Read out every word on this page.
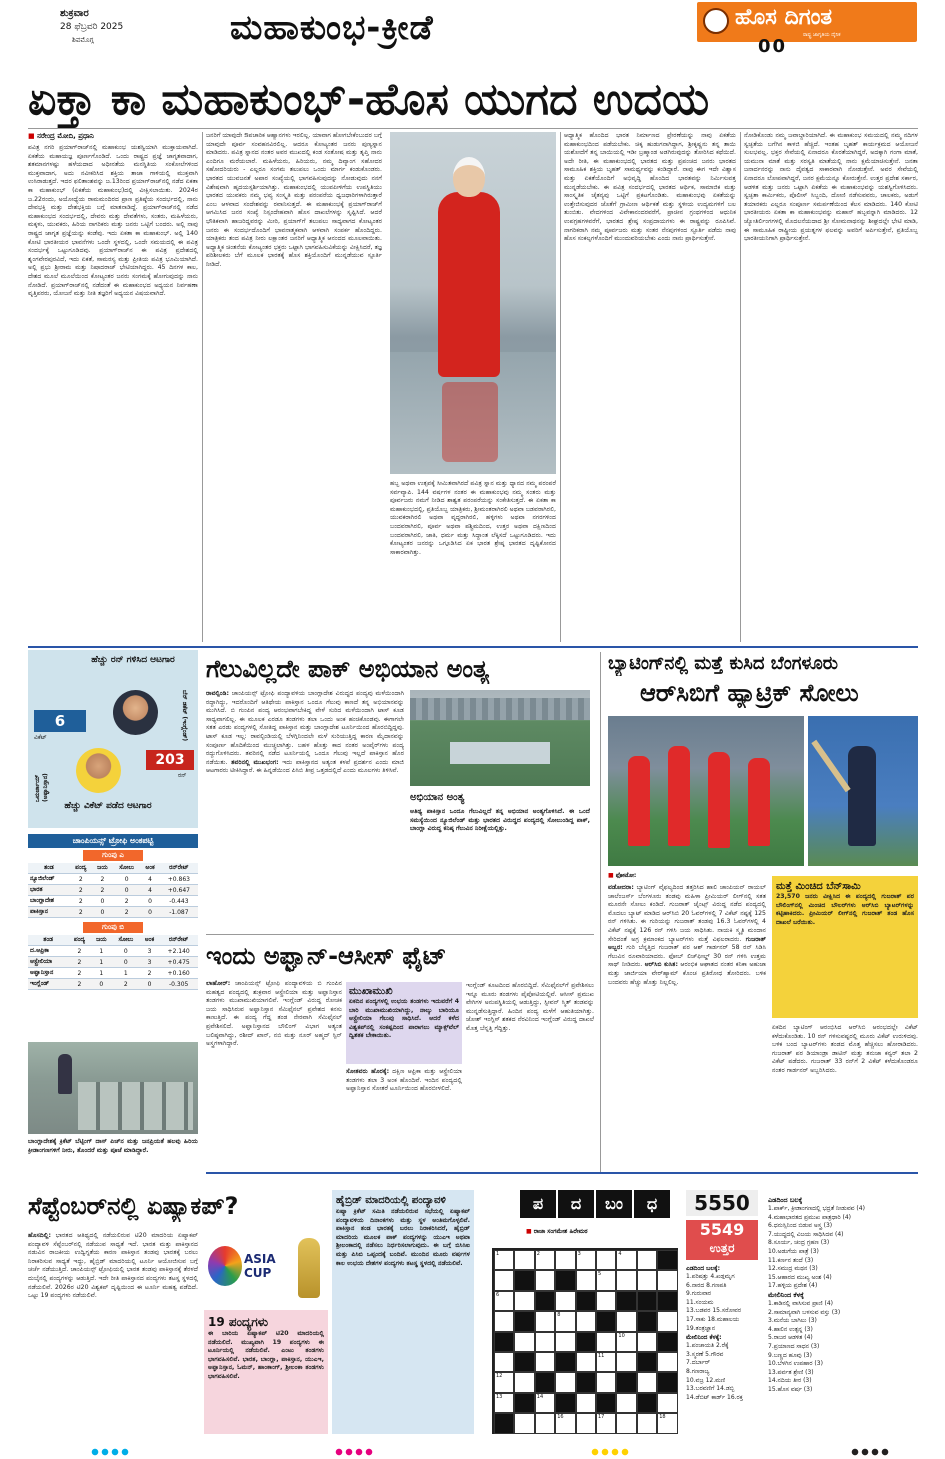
ಶುಕ್ರವಾರ
28 ಫೆಬ್ರವರಿ 2025
ಶಿವಮೊಗ್ಗ	ಮಹಾಕುಂಭ-ಕ್ರೀಡೆ	ಹೊಸ ದಿಗಂತ
ರಾಷ್ಟ್ರ ಜಾಗೃತಿಯ ದೈನಿಕ
00
ಏಕ್ತಾ ಕಾ ಮಹಾಕುಂಭ್-ಹೊಸ ಯುಗದ ಉದಯ
■ ನರೇಂದ್ರ ಮೋದಿ, ಪ್ರಧಾನಿ
ಪವಿತ್ರ ನಗರಿ ಪ್ರಯಾಗ್‌ರಾಜ್‌ನಲ್ಲಿ ಮಹಾಕುಂಭ ಯಶಸ್ವಿಯಾಗಿ ಮುಕ್ತಾಯವಾಗಿದೆ. ಏಕತೆಯ ಮಹಾಯಜ್ಞ ಪೂರ್ಣಗೊಂಡಿದೆ. ಒಂದು ರಾಷ್ಟ್ರದ ಪ್ರಜ್ಞೆ ಜಾಗೃತವಾದಾಗ, ಶತಮಾನಗಳಷ್ಟು ಹಳೆಯದಾದ ಅಧೀನತೆಯ ಮನಸ್ಥಿತಿಯ ಸಂಕೋಲೆಗಳಿಂದ ಮುಕ್ತವಾದಾಗ, ಅದು ನವೀಕರಿಸಿದ ಶಕ್ತಿಯ ತಾಜಾ ಗಾಳಿಯಲ್ಲಿ ಮುಕ್ತವಾಗಿ ಉಸಿರಾಡುತ್ತದೆ. ಇದರ ಫಲಿತಾಂಶವನ್ನು ಜ.13ರಿಂದ ಪ್ರಯಾಗ್‌ರಾಜ್‌ನಲ್ಲಿ ನಡೆದ ಏಕತಾ ಕಾ ಮಹಾಕುಂಭ್‌ (ಏಕತೆಯ ಮಹಾಕುಂಭ)ದಲ್ಲಿ ವೀಕ್ಷಿಸಲಾಯಿತು. 2024ರ ಜ.22ರಂದು, ಅಯೋಧ್ಯೆಯ ರಾಮಮಂದಿರದ ಪ್ರಾಣ ಪ್ರತಿಷ್ಠೆಯ ಸಂದರ್ಭದಲ್ಲಿ, ನಾನು ದೇವಭಕ್ತಿ ಮತ್ತು ದೇಶಭಕ್ತಿಯ ಬಗ್ಗೆ ಮಾತನಾಡಿದ್ದೆ. ಪ್ರಯಾಗ್‌ರಾಜ್‌ನಲ್ಲಿ ನಡೆದ ಮಹಾಕುಂಭದ ಸಂದರ್ಭದಲ್ಲಿ, ದೇವರು ಮತ್ತು ದೇವತೆಗಳು, ಸಂತರು, ಮಹಿಳೆಯರು, ಮಕ್ಕಳು, ಯುವಕರು, ಹಿರಿಯ ನಾಗರಿಕರು ಮತ್ತು ಜನರು ಒಟ್ಟಿಗೆ ಬಂದರು. ಅಲ್ಲಿ ನಾವು ರಾಷ್ಟ್ರದ ಜಾಗೃತ ಪ್ರಜ್ಞೆಯನ್ನು ಕಂಡೆವು. ಇದು ಏಕತಾ ಕಾ ಮಹಾಕುಂಭ್‌. ಅಲ್ಲಿ 140 ಕೋಟಿ ಭಾರತೀಯರ ಭಾವನೆಗಳು ಒಂದೇ ಸ್ಥಳದಲ್ಲಿ, ಒಂದೇ ಸಮಯದಲ್ಲಿ ಈ ಪವಿತ್ರ ಸಂದರ್ಭಕ್ಕೆ ಒಟ್ಟುಗೂಡಿದವು. ಪ್ರಯಾಗ್‌ರಾಜ್‌ನ ಈ ಪವಿತ್ರ ಪ್ರದೇಶದಲ್ಲಿ ಶೃಂಗವೇರಪುರವಿದೆ, ಇದು ಏಕತೆ, ಸಾಮರಸ್ಯ ಮತ್ತು ಪ್ರೀತಿಯ ಪವಿತ್ರ ಭೂಮಿಯಾಗಿದೆ. ಅಲ್ಲಿ ಪ್ರಭು ಶ್ರೀರಾಮ ಮತ್ತು ನಿಷಾದರಾಜ್ ಭೇಟಿಯಾಗಿದ್ದರು. 45 ದಿನಗಳ ಕಾಲ, ದೇಶದ ಮೂಲೆ ಮೂಲೆಯಿಂದ ಕೋಟ್ಯಂತರ ಜನರು ಸಂಗಮಕ್ಕೆ ಹೋಗುವುದನ್ನು ನಾನು ನೋಡಿದೆ. ಪ್ರಯಾಗ್‌ರಾಜ್‌ನಲ್ಲಿ ನಡೆದಂತೆ ಈ ಮಹಾಕುಂಭದ ಅಧ್ಯಯನ ನಿರ್ವಹಣಾ ವೃತ್ತಿಪರರು, ಯೋಜನೆ ಮತ್ತು ನೀತಿ ತಜ್ಞರಿಗೆ ಅಧ್ಯಯನ ವಿಷಯವಾಗಿದೆ.
ಜನರಿಗೆ ಯಾವುದೇ ಔಪಚಾರಿಕ ಆಹ್ವಾನಗಳು ಇರಲಿಲ್ಲ. ಯಾವಾಗ ಹೋಗಬೇಕೆಂಬುದರ ಬಗ್ಗೆ ಯಾವುದೇ ಪೂರ್ವ ಸಂವಹನವಿರಲಿಲ್ಲ. ಆದರೂ ಕೋಟ್ಯಂತರ ಜನರು ಪುಣ್ಯಸ್ನಾನ ಮಾಡಿದರು. ಪವಿತ್ರ ಸ್ನಾನದ ನಂತರ ಅವರ ಮುಖದಲ್ಲಿ ಕಂಡ ಸಂತೋಷ ಮತ್ತು ತೃಪ್ತಿ ನಾನು ಎಂದಿಗೂ ಮರೆಯಲಾರೆ. ಮಹಿಳೆಯರು, ಹಿರಿಯರು, ನಮ್ಮ ದಿವ್ಯಾಂಗ ಸಹೋದರ ಸಹೋದರಿಯರು - ಎಲ್ಲರೂ ಸಂಗಮ ತಲುಪಲು ಒಂದು ಮಾರ್ಗ ಕಂಡುಕೊಂಡರು. ಭಾರತದ ಯುವಜನತೆ ಅಪಾರ ಸಂಖ್ಯೆಯಲ್ಲಿ ಭಾಗವಹಿಸುವುದನ್ನು ನೋಡುವುದು ನನಗೆ ವಿಶೇಷವಾಗಿ ಹೃದಯಸ್ಪರ್ಶಿಯಾಗಿತ್ತು. ಮಹಾಕುಂಭದಲ್ಲಿ ಯುವಪೀಳಿಗೆಯ ಉಪಸ್ಥಿತಿಯು ಭಾರತದ ಯುವಕರು ನಮ್ಮ ಭವ್ಯ ಸಂಸ್ಕೃತಿ ಮತ್ತು ಪರಂಪರೆಯ ಧ್ವಜಧಾರಿಗಳಾಗಿರುತ್ತಾರೆ ಎಂಬ ಆಳವಾದ ಸಂದೇಶವನ್ನು ರವಾನಿಸುತ್ತದೆ. ಈ ಮಹಾಕುಂಭಕ್ಕೆ ಪ್ರಯಾಗ್‌ರಾಜ್‌ಗೆ ಆಗಮಿಸಿದ ಜನರ ಸಂಖ್ಯೆ ನಿಸ್ಸಂದೇಹವಾಗಿ ಹೊಸ ದಾಖಲೆಗಳನ್ನು ಸೃಷ್ಟಿಸಿದೆ. ಆದರೆ ಭೌತಿಕವಾಗಿ ಹಾಜರಿದ್ದವರನ್ನು ಮೀರಿ, ಪ್ರಯಾಗ್‌ಗೆ ತಲುಪಲು ಸಾಧ್ಯವಾಗದ ಕೋಟ್ಯಂತರ ಜನರು ಈ ಸಂದರ್ಭದೊಂದಿಗೆ ಭಾವನಾತ್ಮಕವಾಗಿ ಆಳವಾಗಿ ಸಂಪರ್ಕ ಹೊಂದಿದ್ದರು. ಯಾತ್ರಿಕರು ತಂದ ಪವಿತ್ರ ನೀರು ಲಕ್ಷಾಂತರ ಜನರಿಗೆ ಆಧ್ಯಾತ್ಮಿಕ ಆನಂದದ ಮೂಲವಾಯಿತು. ಅಧ್ಯಾತ್ಮಿಕ ಚಿಂತನೆಯ ಕೋಟ್ಯಂತರ ಭಕ್ತರು ಒಟ್ಟಾಗಿ ಭಾಗವಹಿಸುವಿಕೆಯನ್ನು ವೀಕ್ಷಿಸಿದರೆ, ತಜ್ಞ ಪರಿಶೀಲಕರು ಬೆಗೆ ಮೂಲಕ ಭಾರತಕ್ಕೆ ಹೊಸ ಶಕ್ತಿಯೊಂದಿಗೆ ಮುನ್ನಡೆಯುವ ಸ್ಪೂರ್ತಿ ನೀಡಿದೆ.
ಹಬ್ಬ ಅಥವಾ ಉತ್ಸವಕ್ಕೆ ಸೀಮಿತವಾಗಿರದೆ ಪವಿತ್ರ ಸ್ನಾನ ಮತ್ತು ಧ್ಯಾನದ ನಮ್ಮ ಪರಂಪರೆ ಸರ್ವವ್ಯಾಪಿ. 144 ವರ್ಷಗಳ ನಂತರ ಈ ಮಹಾಕುಂಭವು ನಮ್ಮ ಸಂತರು ಮತ್ತು ಪೂರ್ವಜರು ನಮಗೆ ನೀಡಿದ ಶಾಶ್ವತ ಪರಂಪರೆಯನ್ನು ಸಂಕೇತಿಸುತ್ತದೆ. ಈ ಏಕತಾ ಕಾ ಮಹಾಕುಂಭದಲ್ಲಿ, ಪ್ರತಿಯೊಬ್ಬ ಯಾತ್ರಿಕರು, ಶ್ರೀಮಂತರಾಗಿರಲಿ ಅಥವಾ ಬಡವರಾಗಿರಲಿ, ಯುವಕರಾಗಿರಲಿ ಅಥವಾ ವೃದ್ಧರಾಗಿರಲಿ, ಹಳ್ಳಿಗಳು ಅಥವಾ ನಗರಗಳಿಂದ ಬಂದವರಾಗಿರಲಿ, ಪೂರ್ವ ಅಥವಾ ಪಶ್ಚಿಮದಿಂದ, ಉತ್ತರ ಅಥವಾ ದಕ್ಷಿಣದಿಂದ ಬಂದವರಾಗಿರಲಿ, ಜಾತಿ, ಧರ್ಮ ಮತ್ತು ಸಿದ್ಧಾಂತ ಲೆಕ್ಕಿಸದೆ ಒಟ್ಟುಗೂಡಿದರು. ಇದು ಕೋಟ್ಯಂತರ ಜನರನ್ನು ಒಗ್ಗೂಡಿಸಿದ ಏಕ ಭಾರತ ಶ್ರೇಷ್ಠ ಭಾರತದ ದೃಷ್ಟಿಕೋನದ ಸಾಕಾರವಾಗಿತ್ತು.
ಆಧ್ಯಾತ್ಮಿಕ ಹೊಂದಿದ ಭಾರತ ನಿರ್ಮಾಣದ ಪ್ರೇರಣೆಯನ್ನು ನಾವು ಏಕತೆಯ ಮಹಾಕುಂಭದಿಂದ ಪಡೆಯಬೇಕು. ಚಿಕ್ಕ ಹುಡುಗನಾಗಿದ್ದಾಗ, ಶ್ರೀಕೃಷ್ಣನು ತನ್ನ ತಾಯಿ ಯಶೋದೆಗೆ ತನ್ನ ಬಾಯಿಯಲ್ಲಿ ಇಡೀ ಬ್ರಹ್ಮಾಂಡ ಅಡಗಿರುವುದನ್ನು ತೋರಿಸಿದ ಕಥೆಯಿದೆ. ಅದೇ ರೀತಿ, ಈ ಮಹಾಕುಂಭದಲ್ಲಿ ಭಾರತದ ಮತ್ತು ಪ್ರಪಂಚದ ಜನರು ಭಾರತದ ಸಾಮೂಹಿಕ ಶಕ್ತಿಯ ಬೃಹತ್ ಸಾಮರ್ಥ್ಯವನ್ನು ಕಂಡಿದ್ದಾರೆ. ನಾವು ಈಗ ಇದೇ ವಿಶ್ವಾಸ ಮತ್ತು ಏಕತೆಯೊಂದಿಗೆ ಅಭಿವೃದ್ಧಿ ಹೊಂದಿದ ಭಾರತವನ್ನು ನಿರ್ಮಿಸುವತ್ತ ಮುನ್ನಡೆಯಬೇಕು. ಈ ಪವಿತ್ರ ಸಂದರ್ಭದಲ್ಲಿ ಭಾರತದ ಆರ್ಥಿಕ, ಸಾಮಾಜಿಕ ಮತ್ತು ಸಾಂಸ್ಕೃತಿಕ ಚೈತನ್ಯವು ಒಟ್ಟಿಗೆ ಪ್ರಕಟಗೊಂಡಿತು. ಮಹಾಕುಂಭವು ಏಕತೆಯನ್ನು ಉತ್ತೇಜಿಸುವುದರ ಜೊತೆಗೆ ಗ್ರಾಮೀಣ ಆರ್ಥಿಕತೆ ಮತ್ತು ಸ್ಥಳೀಯ ಉದ್ಯಮಗಳಿಗೆ ಬಲ ತುಂಬಿತು. ವೇದಗಳಿಂದ ವಿವೇಕಾನಂದರವರೆಗೆ, ಪ್ರಾಚೀನ ಗ್ರಂಥಗಳಿಂದ ಆಧುನಿಕ ಉಪಗ್ರಹಗಳವರೆಗೆ, ಭಾರತದ ಶ್ರೇಷ್ಠ ಸಂಪ್ರದಾಯಗಳು ಈ ರಾಷ್ಟ್ರವನ್ನು ರೂಪಿಸಿವೆ. ನಾಗರಿಕರಾಗಿ ನಮ್ಮ ಪೂರ್ವಜರು ಮತ್ತು ಸಂತರ ನೆನಪುಗಳಿಂದ ಸ್ಫೂರ್ತಿ ಪಡೆದು ನಾವು ಹೊಸ ಸಂಕಲ್ಪಗಳೊಂದಿಗೆ ಮುಂದುವರಿಯಬೇಕು ಎಂದು ನಾನು ಪ್ರಾರ್ಥಿಸುತ್ತೇನೆ.
ನೋಡಿಕೊಂಡು ನಮ್ಮ ಜವಾಬ್ದಾರಿಯಾಗಿದೆ. ಈ ಮಹಾಕುಂಭ ಸಮಯದಲ್ಲಿ ನಮ್ಮ ನದಿಗಳ ಸ್ವಚ್ಛತೆಯ ಬಗೆಗಿನ ಕಾಳಜಿ ಹೆಚ್ಚಿದೆ. ಇಂತಹ ಬೃಹತ್ ಕಾರ್ಯಕ್ರಮದ ಆಯೋಜನೆ ಸುಲಭವಲ್ಲ. ಭಕ್ತರ ಸೇವೆಯಲ್ಲಿ ಏನಾದರೂ ಕೊರತೆಯಾಗಿದ್ದರೆ, ಅದಕ್ಕಾಗಿ ಗಂಗಾ ಮಾತೆ, ಯಮುನಾ ಮಾತೆ ಮತ್ತು ಸರಸ್ವತಿ ಮಾತೆಯಲ್ಲಿ ನಾನು ಕ್ಷಮೆಯಾಚಿಸುತ್ತೇನೆ. ಜನತಾ ಜನಾರ್ದನರನ್ನು ನಾನು ದೈವತ್ವದ ಸಾಕಾರವಾಗಿ ನೋಡುತ್ತೇನೆ. ಅವರ ಸೇವೆಯಲ್ಲಿ ಏನಾದರೂ ಲೋಪವಾಗಿದ್ದರೆ, ಜನರ ಕ್ಷಮೆಯನ್ನೂ ಕೋರುತ್ತೇನೆ. ಉತ್ತರ ಪ್ರದೇಶ ಸರ್ಕಾರ, ಆಡಳಿತ ಮತ್ತು ಜನರು ಒಟ್ಟಾಗಿ ಏಕತೆಯ ಈ ಮಹಾಕುಂಭವನ್ನು ಯಶಸ್ವಿಗೊಳಿಸಿದರು. ಸ್ವಚ್ಛತಾ ಕಾರ್ಮಿಕರು, ಪೊಲೀಸ್ ಸಿಬ್ಬಂದಿ, ದೋಣಿ ನಡೆಸುವವರು, ಚಾಲಕರು, ಅಡುಗೆ ತಯಾರಕರು ಎಲ್ಲರೂ ಸಂಪೂರ್ಣ ಸಮರ್ಪಣೆಯಿಂದ ಕೆಲಸ ಮಾಡಿದರು. 140 ಕೋಟಿ ಭಾರತೀಯರು ಏಕತಾ ಕಾ ಮಹಾಕುಂಭವನ್ನು ಮಹಾನ್ ಹಬ್ಬವನ್ನಾಗಿ ಮಾಡಿದರು. 12 ಜ್ಯೋತಿರ್ಲಿಂಗಗಳಲ್ಲಿ ಮೊದಲನೆಯದಾದ ಶ್ರೀ ಸೋಮನಾಥನನ್ನು ಶೀಘ್ರದಲ್ಲೇ ಭೇಟಿ ಮಾಡಿ, ಈ ಸಾಮೂಹಿಕ ರಾಷ್ಟ್ರೀಯ ಪ್ರಯತ್ನಗಳ ಫಲವನ್ನು ಅವರಿಗೆ ಅರ್ಪಿಸುತ್ತೇನೆ, ಪ್ರತಿಯೊಬ್ಬ ಭಾರತೀಯನಿಗಾಗಿ ಪ್ರಾರ್ಥಿಸುತ್ತೇನೆ.
ಹೆಚ್ಚು ರನ್ ಗಳಿಸಿದ ಆಟಗಾರ
ಬೆನ್ ಡಕೆಟ್ (ಇಂಗ್ಲೆಂಡ್)
6
ವಿಕೆಟ್
203
ರನ್
ಒಮರ್ಜಾಯ್ (ಅಫ್ಘಾನಿಸ್ತಾನ)
ಹೆಚ್ಚು ವಿಕೆಟ್ ಪಡೆದ ಆಟಗಾರ
ಚಾಂಪಿಯನ್ಸ್ ಟ್ರೋಫಿ ಅಂಕಪಟ್ಟಿ
ಗುಂಪು ಎ
ತಂಡ	ಪಂದ್ಯ	ಜಯ	ಸೋಲು	ಅಂಕ	ರನ್‌ರೇಟ್
ನ್ಯೂಜಿಲೆಂಡ್	2	2	0	4	+0.863
ಭಾರತ	2	2	0	4	+0.647
ಬಾಂಗ್ಲಾದೇಶ	2	0	2	0	-0.443
ಪಾಕಿಸ್ತಾನ	2	0	2	0	-1.087
ಗುಂಪು ಬಿ
ತಂಡ	ಪಂದ್ಯ	ಜಯ	ಸೋಲು	ಅಂಕ	ರನ್‌ರೇಟ್
ದ.ಆಫ್ರಿಕಾ	2	1	0	3	+2.140
ಆಸ್ಟ್ರೇಲಿಯಾ	2	1	0	3	+0.475
ಅಫ್ಘಾನಿಸ್ತಾನ	2	1	1	2	+0.160
ಇಂಗ್ಲೆಂಡ್	2	0	2	0	-0.305
ಬಾಂಗ್ಲಾದೇಶಕ್ಕೆ ಕ್ರಿಕೆಟ್ ಬೆಟ್ಟಿಂಗ್ ದಾಸ್ ಪಿಚ್‌ನ ಮತ್ತು ಜನಪ್ರಿಯತೆ ಹಲವು ಹಿರಿಯ ಕ್ರೀಡಾಂಗಣಗಳಿಗೆ ನೀರು, ತೊಂದರೆ ಮತ್ತು ಪೂಜೆ ಮಾಡಿದ್ದಾರೆ.
ಗೆಲುವಿಲ್ಲದೇ ಪಾಕ್ ಅಭಿಯಾನ ಅಂತ್ಯ
ರಾವಲ್ಪಿಂಡಿ: ಚಾಂಪಿಯನ್ಸ್ ಟ್ರೋಫಿ ಪಂದ್ಯಾವಳಿಯ ಬಾಂಗ್ಲಾದೇಶ ವಿರುದ್ಧದ ಪಂದ್ಯವು ಮಳೆಯಿಂದಾಗಿ ರದ್ದಾಗಿದ್ದು, ಇದರೊಂದಿಗೆ ಆತಿಥೇಯ ಪಾಕಿಸ್ತಾನ ಒಂದೂ ಗೆಲುವು ಕಾಣದೆ ತನ್ನ ಅಭಿಯಾನವನ್ನು ಮುಗಿಸಿದೆ. ಬಿ ಗುಂಪಿನ ಪಂದ್ಯ ಆರಂಭವಾಗಬೇಕಿದ್ದ ವೇಳೆ ಸುರಿದ ಮಳೆಯಿಂದಾಗಿ ಟಾಸ್ ಕೂಡ ಸಾಧ್ಯವಾಗಲಿಲ್ಲ. ಈ ಮೂಲಕ ಎರಡೂ ತಂಡಗಳು ತಲಾ ಒಂದು ಅಂಕ ಹಂಚಿಕೊಂಡವು. ಈಗಾಗಲೇ ಸತತ ಎರಡು ಪಂದ್ಯಗಳಲ್ಲಿ ಸೋತಿದ್ದ ಪಾಕಿಸ್ತಾನ ಮತ್ತು ಬಾಂಗ್ಲಾದೇಶ ಟೂರ್ನಿಯಿಂದ ಹೊರಬಿದ್ದಿದ್ದವು. ಟಾಸ್ ಕೂಡ ಇಲ್ಲ: ರಾವಲ್ಪಿಂಡಿಯಲ್ಲಿ ಬೆಳಗ್ಗಿನಿಂದಲೇ ಮಳೆ ಸುರಿಯುತ್ತಿದ್ದ ಕಾರಣ ಮೈದಾನವನ್ನು ಸಂಪೂರ್ಣ ಹೊದಿಕೆಯಿಂದ ಮುಚ್ಚಲಾಗಿತ್ತು. ಬಹಳ ಹೊತ್ತು ಕಾದ ನಂತರ ಅಂಪೈರ್‌ಗಳು ಪಂದ್ಯ ರದ್ದುಗೊಳಿಸಿದರು. ತವರಿನಲ್ಲಿ ನಡೆದ ಟೂರ್ನಿಯಲ್ಲಿ ಒಂದೂ ಗೆಲುವು ಇಲ್ಲದೆ ಪಾಕಿಸ್ತಾನ ಹೊರ ನಡೆಯಿತು. ತವರಿನಲ್ಲಿ ಮುಖಭಂಗ: ಇದು ಪಾಕಿಸ್ತಾನದ ಅತ್ಯಂತ ಕಳಪೆ ಪ್ರದರ್ಶನ ಎಂದು ಮಾಜಿ ಆಟಗಾರರು ಟೀಕಿಸಿದ್ದಾರೆ. ಈ ಹಿನ್ನಡೆಯಿಂದ ಪಿಸಿಬಿ ತೀವ್ರ ಒತ್ತಡದಲ್ಲಿದೆ ಎಂದು ಮೂಲಗಳು ತಿಳಿಸಿವೆ.
ಅಭಿಯಾನ ಅಂತ್ಯ
ಆತಿಥ್ಯ ಪಾಕಿಸ್ತಾನ ಒಂದೂ ಗೆಲುವಿಲ್ಲದೆ ತನ್ನ ಅಭಿಯಾನ ಅಂತ್ಯಗೊಳಿಸಿದೆ. ಈ ಒಂದೆ ಸಮಸ್ಯೆಯಿಂದ ನ್ಯೂಜಿಲೆಂಡ್ ಮತ್ತು ಭಾರತದ ವಿರುದ್ಧದ ಪಂದ್ಯದಲ್ಲಿ ಸೋಲುಂಡಿದ್ದ ಪಾಕ್, ಬಾಂಗ್ಲಾ ವಿರುದ್ಧ ಕನಿಷ್ಠ ಗೆಲುವಿನ ನಿರೀಕ್ಷೆಯಲ್ಲಿತ್ತು.
ಬ್ಯಾಟಿಂಗ್‌ನಲ್ಲಿ ಮತ್ತೆ ಕುಸಿದ ಬೆಂಗಳೂರು
ಆರ್‌ಸಿಬಿಗೆ ಹ್ಯಾಟ್ರಿಕ್ ಸೋಲು
■ ಫೋಟೋ:
ವಡೋದರಾ: ಬ್ಯಾಟಿಂಗ್ ವೈಫಲ್ಯದಿಂದ ತತ್ತರಿಸಿದ ಹಾಲಿ ಚಾಂಪಿಯನ್ ರಾಯಲ್ ಚಾಲೆಂಜರ್ಸ್ ಬೆಂಗಳೂರು ತಂಡವು ಮಹಿಳಾ ಪ್ರೀಮಿಯರ್ ಲೀಗ್‌ನಲ್ಲಿ ಸತತ ಮೂರನೇ ಸೋಲು ಕಂಡಿದೆ. ಗುಜರಾತ್ ಜೈಂಟ್ಸ್ ವಿರುದ್ಧ ನಡೆದ ಪಂದ್ಯದಲ್ಲಿ ಮೊದಲು ಬ್ಯಾಟ್ ಮಾಡಿದ ಆರ್‌ಸಿಬಿ 20 ಓವರ್‌ಗಳಲ್ಲಿ 7 ವಿಕೆಟ್ ನಷ್ಟಕ್ಕೆ 125 ರನ್ ಗಳಿಸಿತು. ಈ ಗುರಿಯನ್ನು ಗುಜರಾತ್ ತಂಡವು 16.3 ಓವರ್‌ಗಳಲ್ಲಿ 4 ವಿಕೆಟ್ ನಷ್ಟಕ್ಕೆ 126 ರನ್ ಗಳಿಸಿ ಜಯ ಸಾಧಿಸಿತು. ನಾಯಕಿ ಸ್ಮೃತಿ ಮಂದಾನ ಸೇರಿದಂತೆ ಅಗ್ರ ಕ್ರಮಾಂಕದ ಬ್ಯಾಟರ್‌ಗಳು ಮತ್ತೆ ವಿಫಲರಾದರು. ಗುಜರಾತ್ ಅಬ್ಬರ: ಗುರಿ ಬೆನ್ನತ್ತಿದ ಗುಜರಾತ್ ಪರ ಆಶ್ ಗಾರ್ಡನರ್ 58 ರನ್ ಸಿಡಿಸಿ ಗೆಲುವಿನ ರೂವಾರಿಯಾದರು. ಫೋಬ್ ಲಿಚ್‌ಫೀಲ್ಡ್ 30 ರನ್ ಗಳಿಸಿ ಉತ್ತಮ ಸಾಥ್ ನೀಡಿದರು. ಆರ್‌ಸಿಬಿ ಕುಸಿತ: ಆರಂಭಿಕ ಆಘಾತದ ನಂತರ ಕನಿಕಾ ಅಹುಜಾ ಮತ್ತು ಜಾರ್ಜಿಯಾ ವೇರ್‌ಹ್ಯಾಮ್ ಕೊಂಚ ಪ್ರತಿರೋಧ ತೋರಿದರು. ಬಳಿಕ ಬಂದವರು ಹೆಚ್ಚು ಹೊತ್ತು ನಿಲ್ಲಲಿಲ್ಲ.
ಮತ್ತೆ ಮಿಂಚಿದ ಬೆನ್‌ಸಾಮಿ
23,570 ಜನರು ವೀಕ್ಷಿಸಿದ ಈ ಪಂದ್ಯದಲ್ಲಿ ಗುಜರಾತ್ ಪರ ಬೌಲಿಂಗ್‌ನಲ್ಲಿ ಮಿಂಚಿದ ಬೌಲರ್‌ಗಳು ಆರ್‌ಸಿಬಿ ಬ್ಯಾಟರ್‌ಗಳನ್ನು ಕಟ್ಟಿಹಾಕಿದರು. ಪ್ರೀಮಿಯರ್ ಲೀಗ್‌ನಲ್ಲಿ ಗುಜರಾತ್ ತಂಡ ಹೊಸ ದಾಖಲೆ ಬರೆಯಿತು.
ಏಕದಿನ ಬ್ಯಾಟಿಂಗ್ ಆರಂಭಿಸಿದ ಆರ್‌ಸಿಬಿ ಆರಂಭದಲ್ಲೇ ವಿಕೆಟ್ ಕಳೆದುಕೊಂಡಿತು. 10 ರನ್ ಗಳಿಸುವಷ್ಟರಲ್ಲಿ ಮೂರು ವಿಕೆಟ್ ಉರುಳಿದವು. ಬಳಿಕ ಬಂದ ಬ್ಯಾಟರ್‌ಗಳು ತಂಡದ ಮೊತ್ತ ಹೆಚ್ಚಿಸಲು ಹೋರಾಡಿದರು. ಗುಜರಾತ್ ಪರ ಡಿಯಾಂಡ್ರಾ ಡಾಟಿನ್ ಮತ್ತು ತನುಜಾ ಕನ್ವರ್ ತಲಾ 2 ವಿಕೆಟ್ ಪಡೆದರು. ಗುಜರಾತ್ 33 ರನ್‌ಗೆ 2 ವಿಕೆಟ್ ಕಳೆದುಕೊಂಡರೂ ನಂತರ ಗಾರ್ಡನರ್ ಅಬ್ಬರಿಸಿದರು.
ಇಂದು ಅಫ್ಘಾನ್-ಆಸೀಸ್ ಫೈಟ್
ಲಾಹೋರ್: ಚಾಂಪಿಯನ್ಸ್ ಟ್ರೋಫಿ ಪಂದ್ಯಾವಳಿಯ ಬಿ ಗುಂಪಿನ ಮಹತ್ವದ ಪಂದ್ಯದಲ್ಲಿ ಶುಕ್ರವಾರ ಆಸ್ಟ್ರೇಲಿಯಾ ಮತ್ತು ಅಫ್ಘಾನಿಸ್ತಾನ ತಂಡಗಳು ಮುಖಾಮುಖಿಯಾಗಲಿವೆ. ಇಂಗ್ಲೆಂಡ್ ವಿರುದ್ಧ ರೋಚಕ ಜಯ ಸಾಧಿಸಿರುವ ಅಫ್ಘಾನಿಸ್ತಾನ ಸೆಮಿಫೈನಲ್ ಪ್ರವೇಶದ ಕನಸು ಕಾಣುತ್ತಿದೆ. ಈ ಪಂದ್ಯ ಗೆದ್ದ ತಂಡ ನೇರವಾಗಿ ಸೆಮಿಫೈನಲ್ ಪ್ರವೇಶಿಸಲಿದೆ. ಅಫ್ಘಾನಿಸ್ತಾನದ ಬೌಲಿಂಗ್ ವಿಭಾಗ ಅತ್ಯಂತ ಬಲಿಷ್ಠವಾಗಿದ್ದು, ರಶೀದ್ ಖಾನ್, ನಬಿ ಮತ್ತು ನೂರ್ ಅಹ್ಮದ್ ಸ್ಪಿನ್ ಅಸ್ತ್ರಗಳಾಗಿದ್ದಾರೆ.
ಮುಖಾಮುಖಿ
ಏಕದಿನ ಪಂದ್ಯಗಳಲ್ಲಿ ಉಭಯ ತಂಡಗಳು ಇದುವರೆಗೆ 4 ಬಾರಿ ಮುಖಾಮುಖಿಯಾಗಿದ್ದು, ನಾಲ್ಕು ಬಾರಿಯೂ ಆಸ್ಟ್ರೇಲಿಯಾ ಗೆಲುವು ಸಾಧಿಸಿದೆ. ಆದರೆ ಕಳೆದ ವಿಶ್ವಕಪ್‌ನಲ್ಲಿ ಸಂಕಷ್ಟದಿಂದ ಪಾರಾಗಲು ಮ್ಯಾಕ್ಸ್‌ವೆಲ್ ದ್ವಿಶತಕ ಬೇಕಾಯಿತು.
ಸೋತವರು ಹೊರಕ್ಕೆ: ದಕ್ಷಿಣ ಆಫ್ರಿಕಾ ಮತ್ತು ಆಸ್ಟ್ರೇಲಿಯಾ ತಂಡಗಳು ತಲಾ 3 ಅಂಕ ಹೊಂದಿವೆ. ಇಂದಿನ ಪಂದ್ಯದಲ್ಲಿ ಅಫ್ಘಾನಿಸ್ತಾನ ಸೋತರೆ ಟೂರ್ನಿಯಿಂದ ಹೊರಬೀಳಲಿದೆ.
ಇಂಗ್ಲೆಂಡ್ ಕೂಟದಿಂದ ಹೊರಬಿದ್ದಿದೆ. ಸೆಮಿಫೈನಲ್‌ಗೆ ಪ್ರವೇಶಿಸಲು ಇನ್ನೂ ಮೂರು ತಂಡಗಳು ಪೈಪೋಟಿಯಲ್ಲಿವೆ. ಆಸೀಸ್ ಪ್ರಮುಖ ವೇಗಿಗಳ ಅನುಪಸ್ಥಿತಿಯಲ್ಲಿ ಆಡುತ್ತಿದ್ದು, ಸ್ಟೀವನ್ ಸ್ಮಿತ್ ತಂಡವನ್ನು ಮುನ್ನಡೆಸುತ್ತಿದ್ದಾರೆ. ಹಿಂದಿನ ಪಂದ್ಯ ಮಳೆಗೆ ಆಹುತಿಯಾಗಿತ್ತು. ಜೋಶ್ ಇಂಗ್ಲಿಸ್ ಶತಕದ ನೆರವಿನಿಂದ ಇಂಗ್ಲೆಂಡ್ ವಿರುದ್ಧ ದಾಖಲೆ ಮೊತ್ತ ಬೆನ್ನತ್ತಿ ಗೆದ್ದಿತ್ತು.
ಸೆಪ್ಟೆಂಬರ್‌ನಲ್ಲಿ ಏಷ್ಯಾಕಪ್?
ಹೊಸದಿಲ್ಲಿ: ಭಾರತದ ಆತಿಥ್ಯದಲ್ಲಿ ನಡೆಯಲಿರುವ ಟಿ20 ಮಾದರಿಯ ಏಷ್ಯಾಕಪ್ ಪಂದ್ಯಾವಳಿ ಸೆಪ್ಟೆಂಬರ್‌ನಲ್ಲಿ ನಡೆಯುವ ಸಾಧ್ಯತೆ ಇದೆ. ಭಾರತ ಮತ್ತು ಪಾಕಿಸ್ತಾನದ ನಡುವಿನ ರಾಜಕೀಯ ಉದ್ವಿಗ್ನತೆಯ ಕಾರಣ ಪಾಕಿಸ್ತಾನ ತಂಡವು ಭಾರತಕ್ಕೆ ಬರಲು ನಿರಾಕರಿಸುವ ಸಾಧ್ಯತೆ ಇದ್ದು, ಹೈಬ್ರಿಡ್ ಮಾದರಿಯಲ್ಲಿ ಟೂರ್ನಿ ಆಯೋಜಿಸುವ ಬಗ್ಗೆ ಚರ್ಚೆ ನಡೆಯುತ್ತಿದೆ. ಚಾಂಪಿಯನ್ಸ್ ಟ್ರೋಫಿಯಲ್ಲಿ ಭಾರತ ತಂಡವು ಪಾಕಿಸ್ತಾನಕ್ಕೆ ತೆರಳದೆ ದುಬೈನಲ್ಲಿ ಪಂದ್ಯಗಳನ್ನು ಆಡುತ್ತಿದೆ. ಇದೇ ರೀತಿ ಪಾಕಿಸ್ತಾನದ ಪಂದ್ಯಗಳು ತಟಸ್ಥ ಸ್ಥಳದಲ್ಲಿ ನಡೆಯಲಿವೆ. 2026ರ ಟಿ20 ವಿಶ್ವಕಪ್ ದೃಷ್ಟಿಯಿಂದ ಈ ಟೂರ್ನಿ ಮಹತ್ವ ಪಡೆದಿದೆ. ಒಟ್ಟು 19 ಪಂದ್ಯಗಳು ನಡೆಯಲಿವೆ.
ASIA CUP
19 ಪಂದ್ಯಗಳು
ಈ ಬಾರಿಯ ಏಷ್ಯಾಕಪ್ ಟಿ20 ಮಾದರಿಯಲ್ಲಿ ನಡೆಯಲಿದೆ. ಮುಖ್ಯವಾಗಿ 19 ಪಂದ್ಯಗಳು ಈ ಟೂರ್ನಿಯಲ್ಲಿ ನಡೆಯಲಿವೆ. ಎಂಟು ತಂಡಗಳು ಭಾಗವಹಿಸಲಿವೆ. ಭಾರತ, ಬಾಂಗ್ಲಾ, ಪಾಕಿಸ್ತಾನ, ಯುಎಇ, ಅಫ್ಘಾನಿಸ್ತಾನ, ಓಮನ್, ಹಾಂಕಾಂಗ್, ಶ್ರೀಲಂಕಾ ತಂಡಗಳು ಭಾಗವಹಿಸಲಿವೆ.
ಹೈಬ್ರಿಡ್ ಮಾದರಿಯಲ್ಲಿ ಪಂದ್ಯಾವಳಿ
ಏಷ್ಯಾ ಕ್ರಿಕೆಟ್ ಸಮಿತಿ ನಡೆಯಲಿರುವ ಸಭೆಯಲ್ಲಿ ಏಷ್ಯಾಕಪ್ ಪಂದ್ಯಾವಳಿಯ ದಿನಾಂಕಗಳು ಮತ್ತು ಸ್ಥಳ ಅಂತಿಮಗೊಳ್ಳಲಿವೆ. ಪಾಕಿಸ್ತಾನ ತಂಡ ಭಾರತಕ್ಕೆ ಬರಲು ನಿರಾಕರಿಸಿದರೆ, ಹೈಬ್ರಿಡ್ ಮಾದರಿಯ ಮೂಲಕ ಪಾಕ್ ಪಂದ್ಯಗಳನ್ನು ಯುಎಇ ಅಥವಾ ಶ್ರೀಲಂಕಾದಲ್ಲಿ ನಡೆಸಲು ನಿರ್ಧರಿಸಲಾಗುವುದು. ಈ ಬಗ್ಗೆ ಬಿಸಿಸಿಐ ಮತ್ತು ಪಿಸಿಬಿ ಒಪ್ಪಂದಕ್ಕೆ ಬಂದಿವೆ. ಮುಂದಿನ ಮೂರು ವರ್ಷಗಳ ಕಾಲ ಉಭಯ ದೇಶಗಳ ಪಂದ್ಯಗಳು ತಟಸ್ಥ ಸ್ಥಳದಲ್ಲಿ ನಡೆಯಲಿವೆ.
ಪ	ದ	ಬಂ	ಧ
■ ರಾಜಾ ಸಂಗಮೇಶ ಹಿರೇಮಠ
1	2	3	4
5
6
8
10
11
12
13	14
16	17	18
5550
5549
ಉತ್ತರ
ಎಡದಿಂದ ಬಲಕ್ಕೆ:
1.ಪರಿಷತ್ತು 4.ಖಡ್ಗಮೃಗ
6.ನಾರದ 8.ಗಣಪತಿ
9.ಗುರುವಾರ
11.ಸಂಯಮ
13.ಬಡವರ 15.ಸರೋವರ
17.ಸಾಕು 18.ಮಹಾಲಯ
19.ತಂತ್ರಜ್ಞಾನ
ಮೇಲಿನಿಂದ ಕೆಳಕ್ಕೆ:
1.ಪಂಚಾಯತಿ 2.ರೆಕ್ಕೆ
3.ಸ್ಮರಣೆ 5.ಗೌರವ
7.ದರ್ಬಾರ್
8.ಗಣರಾಜ್ಯ
10.ವಜ್ರ 12.ಮಣಿ
13.ಬರವಣಿಗೆ 14.ಡಬ್ಬಿ
14.ಡೆಬಿಟ್ ಕಾರ್ಡ್ 16.ರಕ್ತ
ಎಡದಿಂದ ಬಲಕ್ಕೆ
1.ಪಾರ್ಕ್, ಕ್ರೀಡಾಂಗಣದಲ್ಲಿ ಭದ್ರತೆ ನೀಡುವವ (4)
4.ಮಹಾಭಾರತದ ಪ್ರಮುಖ ಪಾತ್ರಧಾರಿ (4)
6.ಧನುಸ್ಸಿನಿಂದ ಬಿಡುವ ಅಸ್ತ್ರ (3)
7.ಯುದ್ಧದಲ್ಲಿ ವಿಜಯ ಸಾಧಿಸಿದವ (4)
8.ಸೂರ್ಯ, ಚಂದ್ರ ಗ್ರಹಣ (3)
10.ಅಡುಗೆಯ ಪಾತ್ರೆ (3)
11.ಕರ್ಣನ ತಂದೆ (3)
12.ಸಮುದ್ರ ಮಥನ (3)
15.ಆಹಾರದ ಮುಖ್ಯ ಅಂಶ (4)
17.ಹಳ್ಳಿಯ ಪ್ರದೇಶ (4)
ಮೇಲಿನಿಂದ ಕೆಳಕ್ಕೆ
1.ಕಾಡಿನಲ್ಲಿ ವಾಸಿಸುವ ಪ್ರಾಣಿ (4)
2.ಸಾಮಾನ್ಯವಾಗಿ ಬಳಸುವ ವಸ್ತು (3)
3.ಮನೆಯ ಬಾಗಿಲು (3)
4.ಹಾಲಿನ ಉತ್ಪನ್ನ (3)
5.ರಾಜರ ಆಡಳಿತ (4)
7.ಪ್ರಯಾಣದ ಸಾಧನ (3)
9.ಬಣ್ಣದ ಹೂವು (3)
10.ಬೆಳಗಿನ ಉಪಹಾರ (3)
13.ಪರ್ವತ ಶ್ರೇಣಿ (3)
14.ನದಿಯ ತೀರ (3)
15.ಹೊಸ ವರ್ಷ (3)
